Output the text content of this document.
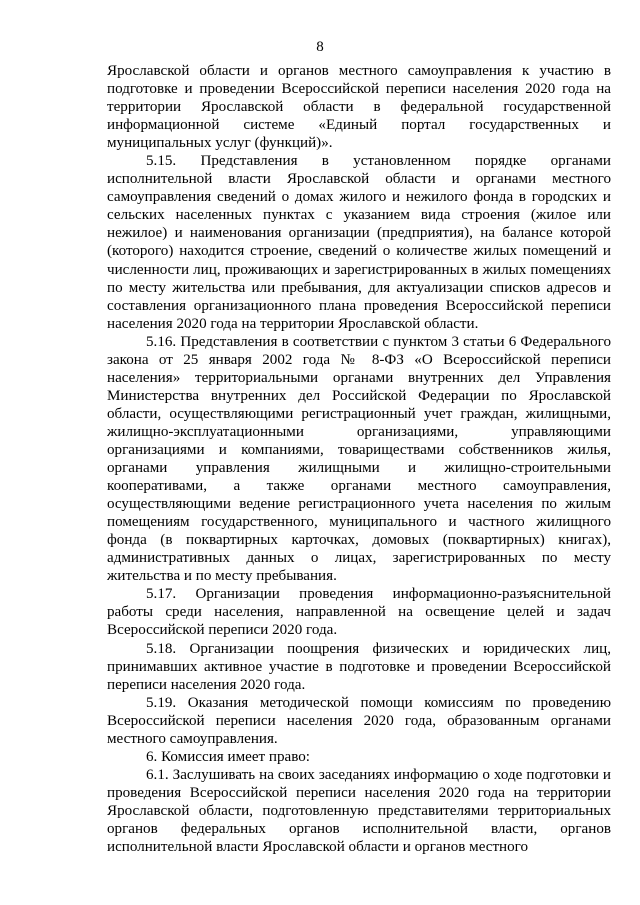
8

Ярославской области и органов местного самоуправления к участию в подготовке и проведении Всероссийской переписи населения 2020 года на территории Ярославской области в федеральной государственной информационной системе «Единый портал государственных и муниципальных услуг (функций)».

5.15. Представления в установленном порядке органами исполнительной власти Ярославской области и органами местного самоуправления сведений о домах жилого и нежилого фонда в городских и сельских населенных пунктах с указанием вида строения (жилое или нежилое) и наименования организации (предприятия), на балансе которой (которого) находится строение, сведений о количестве жилых помещений и численности лиц, проживающих и зарегистрированных в жилых помещениях по месту жительства или пребывания, для актуализации списков адресов и составления организационного плана проведения Всероссийской переписи населения 2020 года на территории Ярославской области.

5.16. Представления в соответствии с пунктом 3 статьи 6 Федерального закона от 25 января 2002 года № 8-ФЗ «О Всероссийской переписи населения» территориальными органами внутренних дел Управления Министерства внутренних дел Российской Федерации по Ярославской области, осуществляющими регистрационный учет граждан, жилищными, жилищно-эксплуатационными организациями, управляющими организациями и компаниями, товариществами собственников жилья, органами управления жилищными и жилищно-строительными кооперативами, а также органами местного самоуправления, осуществляющими ведение регистрационного учета населения по жилым помещениям государственного, муниципального и частного жилищного фонда (в поквартирных карточках, домовых (поквартирных) книгах), административных данных о лицах, зарегистрированных по месту жительства и по месту пребывания.

5.17. Организации проведения информационно-разъяснительной работы среди населения, направленной на освещение целей и задач Всероссийской переписи 2020 года.

5.18. Организации поощрения физических и юридических лиц, принимавших активное участие в подготовке и проведении Всероссийской переписи населения 2020 года.

5.19. Оказания методической помощи комиссиям по проведению Всероссийской переписи населения 2020 года, образованным органами местного самоуправления.

6. Комиссия имеет право:

6.1. Заслушивать на своих заседаниях информацию о ходе подготовки и проведения Всероссийской переписи населения 2020 года на территории Ярославской области, подготовленную представителями территориальных органов федеральных органов исполнительной власти, органов исполнительной власти Ярославской области и органов местного
